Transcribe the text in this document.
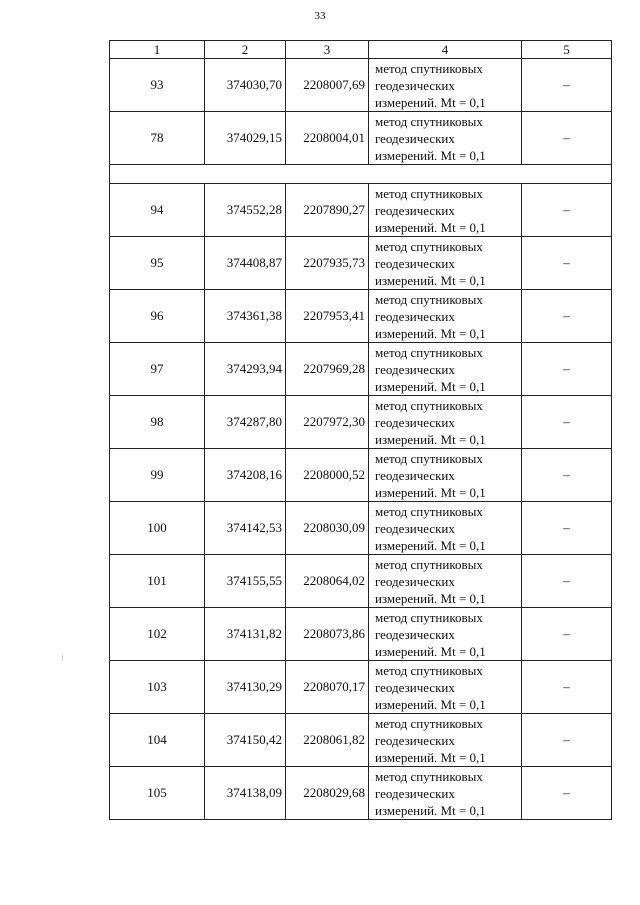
33
1	2	3	4	5
93	374030,70	2208007,69	метод спутниковых
геодезических
измерений. Mt = 0,1	–
78	374029,15	2208004,01	метод спутниковых
геодезических
измерений. Mt = 0,1	–

94	374552,28	2207890,27	метод спутниковых
геодезических
измерений. Mt = 0,1	–
95	374408,87	2207935,73	метод спутниковых
геодезических
измерений. Mt = 0,1	–
96	374361,38	2207953,41	метод спутниковых
геодезических
измерений. Mt = 0,1	–
97	374293,94	2207969,28	метод спутниковых
геодезических
измерений. Mt = 0,1	–
98	374287,80	2207972,30	метод спутниковых
геодезических
измерений. Mt = 0,1	–
99	374208,16	2208000,52	метод спутниковых
геодезических
измерений. Mt = 0,1	–
100	374142,53	2208030,09	метод спутниковых
геодезических
измерений. Mt = 0,1	–
101	374155,55	2208064,02	метод спутниковых
геодезических
измерений. Mt = 0,1	–
102	374131,82	2208073,86	метод спутниковых
геодезических
измерений. Mt = 0,1	–
103	374130,29	2208070,17	метод спутниковых
геодезических
измерений. Mt = 0,1	–
104	374150,42	2208061,82	метод спутниковых
геодезических
измерений. Mt = 0,1	–
105	374138,09	2208029,68	метод спутниковых
геодезических
измерений. Mt = 0,1	–
